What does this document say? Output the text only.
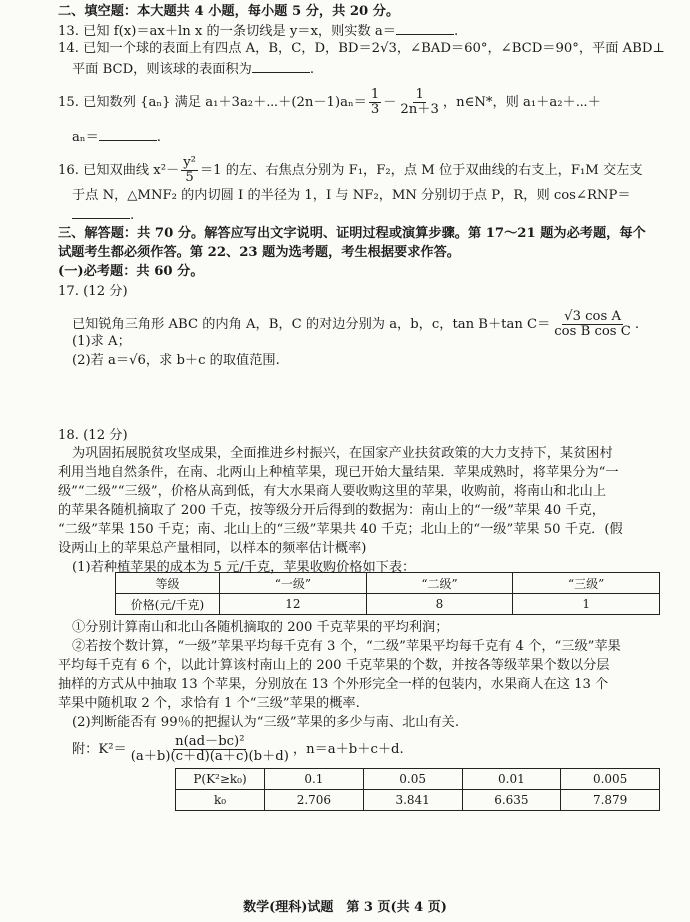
二、填空题：本大题共 4 小题，每小题 5 分，共 20 分。
13. 已知 f(x)＝ax＋ln x 的一条切线是 y＝x，则实数 a＝	.
14. 已知一个球的表面上有四点 A，B，C，D，BD＝2√3，∠BAD＝60°，∠BCD＝90°，平面 ABD⊥
平面 BCD，则该球的表面积为	.
15. 已知数列 {aₙ} 满足 a₁＋3a₂＋⋯＋(2n－1)aₙ＝ $\frac{1}{3} - \frac{1}{2n+3}$ ，n∈N*，则 a₁＋a₂＋⋯＋
aₙ＝	.
16. 已知双曲线 $x^2- \frac{\text{y²}}{5} =1$ 的左、右焦点分别为 F₁，F₂，点 M 位于双曲线的右支上，F₁M 交左支
于点 N，△MNF₂ 的内切圆 I 的半径为 1，I 与 NF₂，MN 分别切于点 P，R，则 cos∠RNP＝
.
三、解答题：共 70 分。解答应写出文字说明、证明过程或演算步骤。第 17～21 题为必考题，每个
试题考生都必须作答。第 22、23 题为选考题，考生根据要求作答。
(一)必考题：共 60 分。
17. (12 分)
已知锐角三角形 ABC 的内角 A，B，C 的对边分别为 a，b，c，tan B＋tan $C= \frac{\text{√3 cos A}}{\text{cos B cos C}}$ .
(1)求 A；
(2)若 a＝√6，求 b＋c 的取值范围.
18. (12 分)
为巩固拓展脱贫攻坚成果，全面推进乡村振兴，在国家产业扶贫政策的大力支持下，某贫困村
利用当地自然条件，在南、北两山上种植苹果，现已开始大量结果．苹果成熟时，将苹果分为“一
级”“二级”“三级”，价格从高到低，有大水果商人要收购这里的苹果，收购前，将南山和北山上
的苹果各随机摘取了 200 千克，按等级分开后得到的数据为：南山上的“一级”苹果 40 千克，
“二级”苹果 150 千克；南、北山上的“三级”苹果共 40 千克；北山上的“一级”苹果 50 千克．(假
设两山上的苹果总产量相同，以样本的频率估计概率)
(1)若种植苹果的成本为 5 元/千克，苹果收购价格如下表：
等级	“一级”	“二级”	“三级”
价格(元/千克)	12	8	1
①分别计算南山和北山各随机摘取的 200 千克苹果的平均利润；
②若按个数计算，“一级”苹果平均每千克有 3 个，“二级”苹果平均每千克有 4 个，“三级”苹果
平均每千克有 6 个，以此计算该村南山上的 200 千克苹果的个数，并按各等级苹果个数以分层
抽样的方式从中抽取 13 个苹果，分别放在 13 个外形完全一样的包装内，水果商人在这 13 个
苹果中随机取 2 个，求恰有 1 个“三级”苹果的概率.
(2)判断能否有 99％的把握认为“三级”苹果的多少与南、北山有关.
附：$K^2= \frac{\text{n(ad－bc)²}}{(a+b)(c+d)(a+c)(b+d)}$ ，n＝a＋b＋c＋d.
P(K²≥k₀)	0.1	0.05	0.01	0.005
k₀	2.706	3.841	6.635	7.879
数学(理科)试题　第 3 页(共 4 页)
